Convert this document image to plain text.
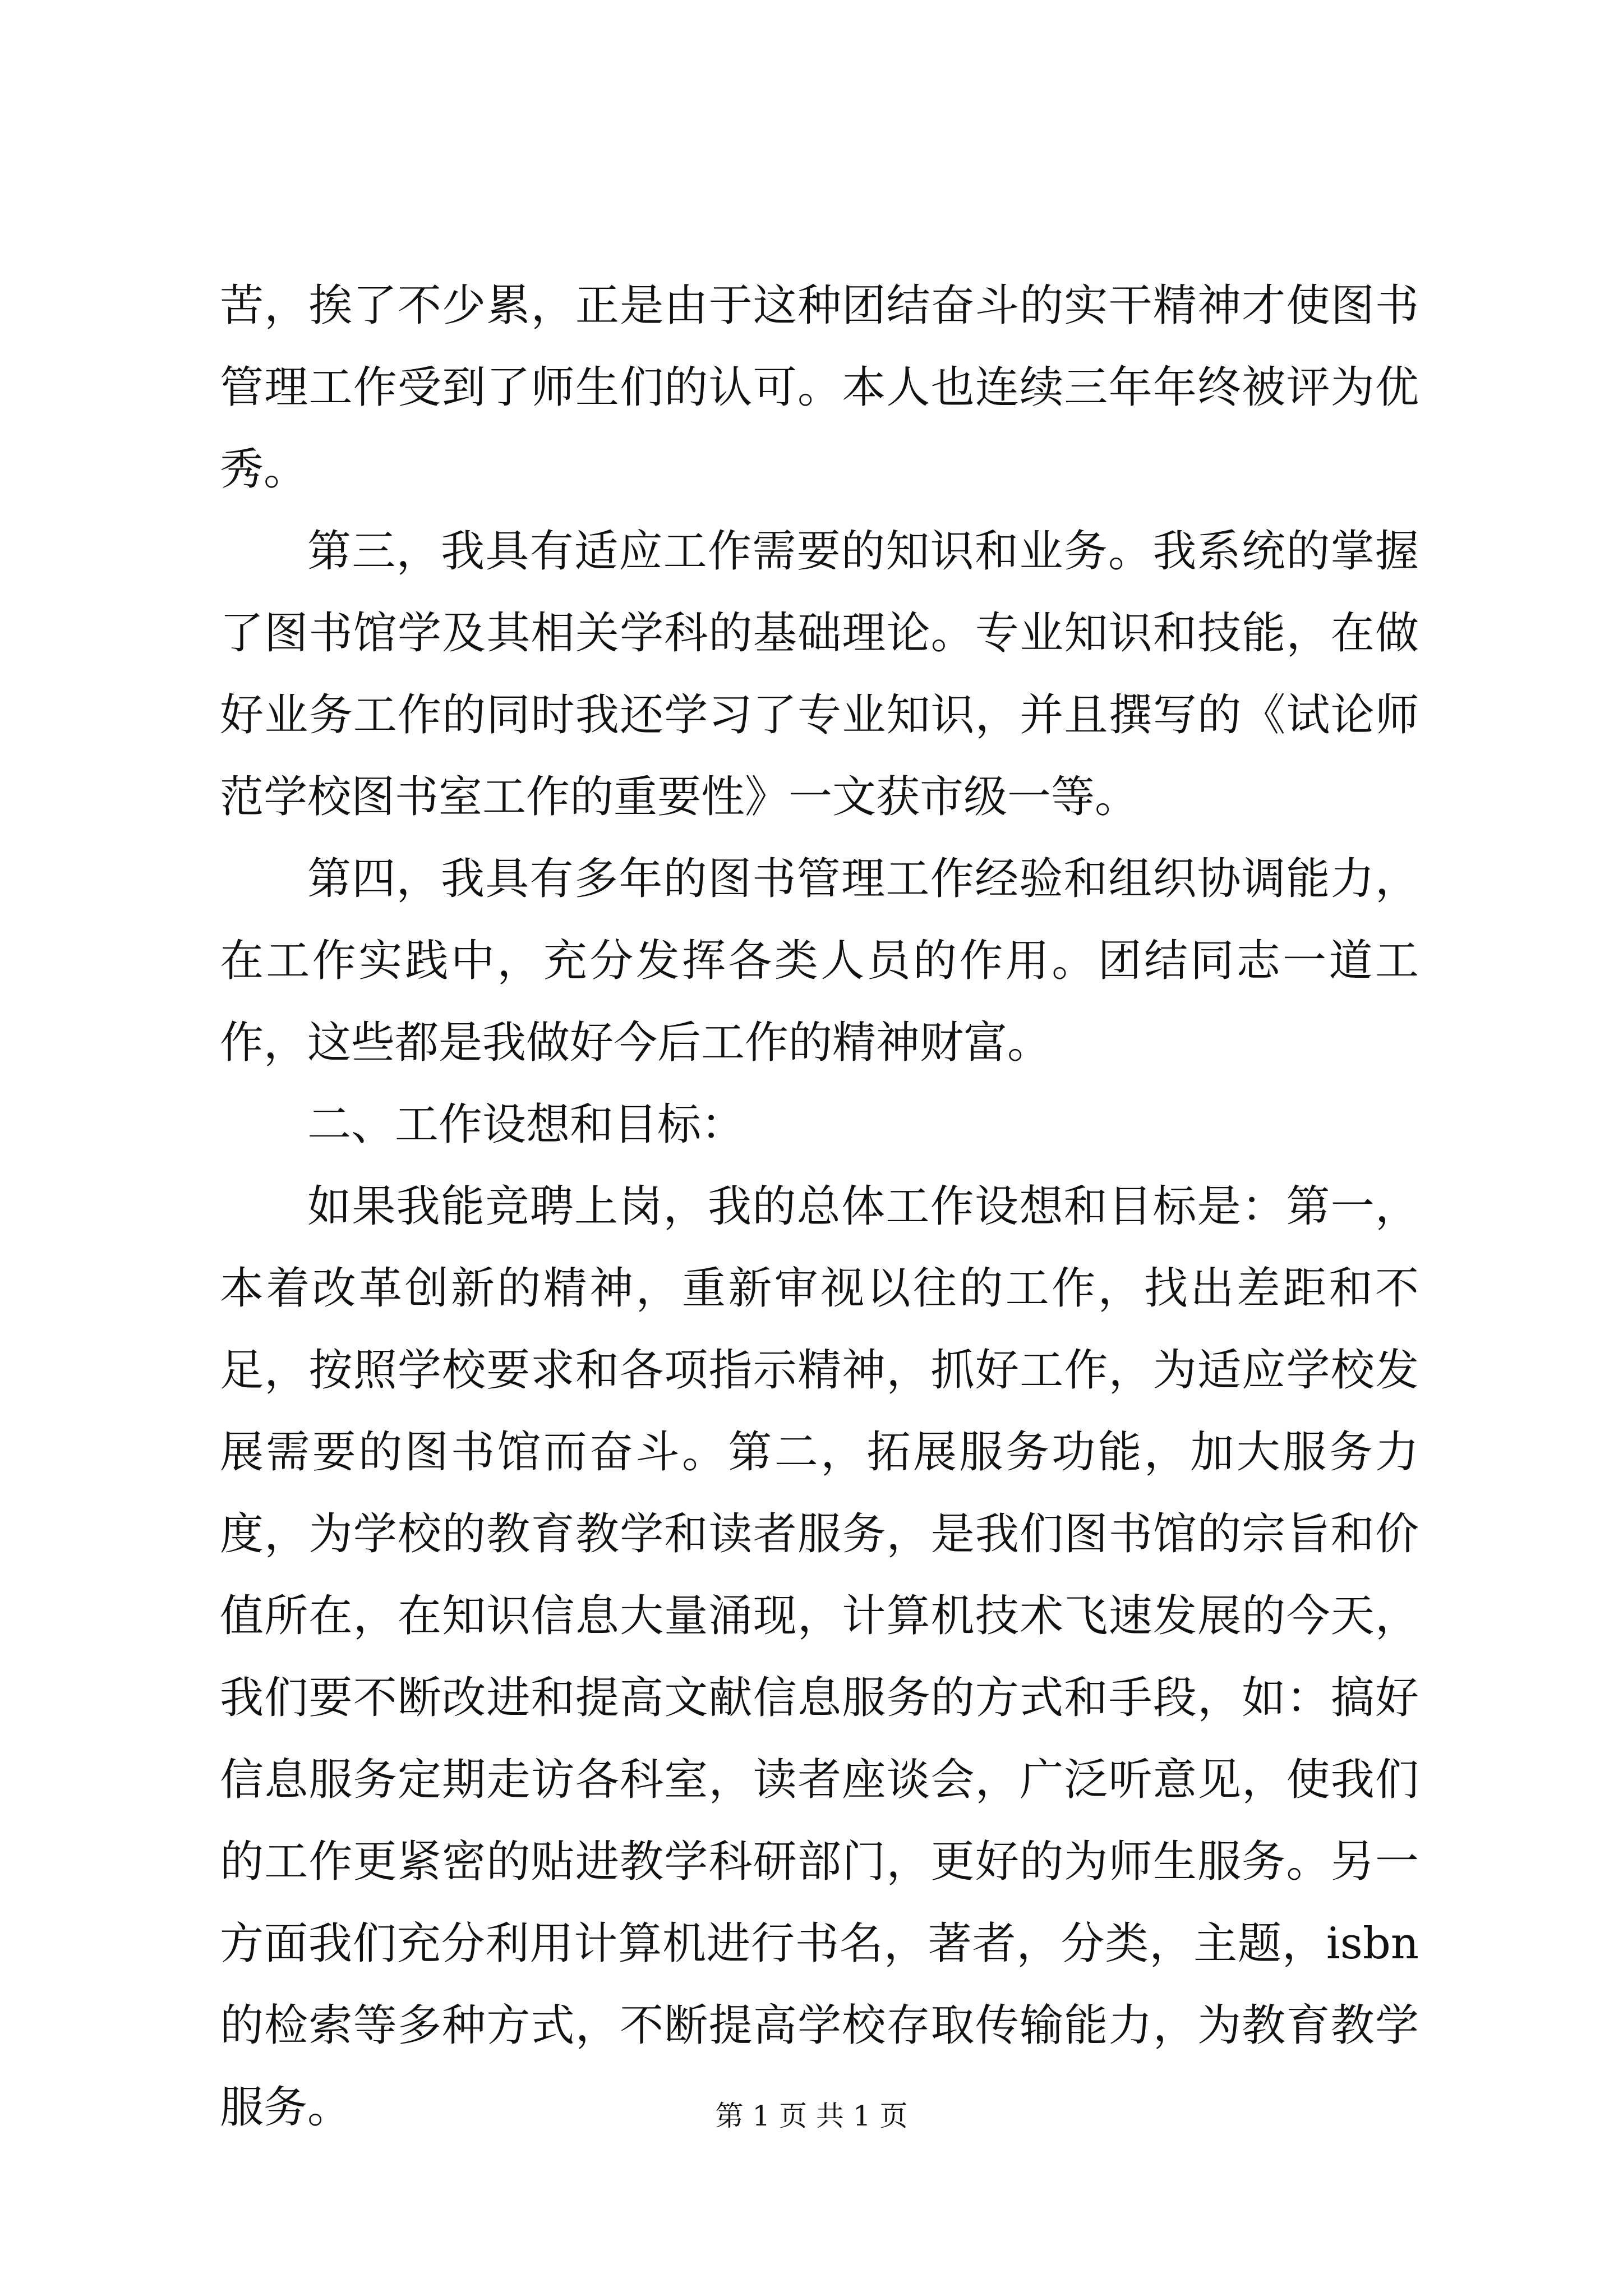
苦，挨了不少累，正是由于这种团结奋斗的实干精神才使图书管理工作受到了师生们的认可。本人也连续三年年终被评为优秀。

第三，我具有适应工作需要的知识和业务。我系统的掌握了图书馆学及其相关学科的基础理论。专业知识和技能，在做好业务工作的同时我还学习了专业知识，并且撰写的《试论师范学校图书室工作的重要性》一文获市级一等。

第四，我具有多年的图书管理工作经验和组织协调能力，在工作实践中，充分发挥各类人员的作用。团结同志一道工作，这些都是我做好今后工作的精神财富。

二、工作设想和目标：

如果我能竞聘上岗，我的总体工作设想和目标是：第一，本着改革创新的精神，重新审视以往的工作，找出差距和不足，按照学校要求和各项指示精神，抓好工作，为适应学校发展需要的图书馆而奋斗。第二，拓展服务功能，加大服务力度，为学校的教育教学和读者服务，是我们图书馆的宗旨和价值所在，在知识信息大量涌现，计算机技术飞速发展的今天，我们要不断改进和提高文献信息服务的方式和手段，如：搞好信息服务定期走访各科室，读者座谈会，广泛听意见，使我们的工作更紧密的贴进教学科研部门，更好的为师生服务。另一方面我们充分利用计算机进行书名，著者，分类，主题，isbn的检索等多种方式，不断提高学校存取传输能力，为教育教学服务。	第 1 页 共 1 页
